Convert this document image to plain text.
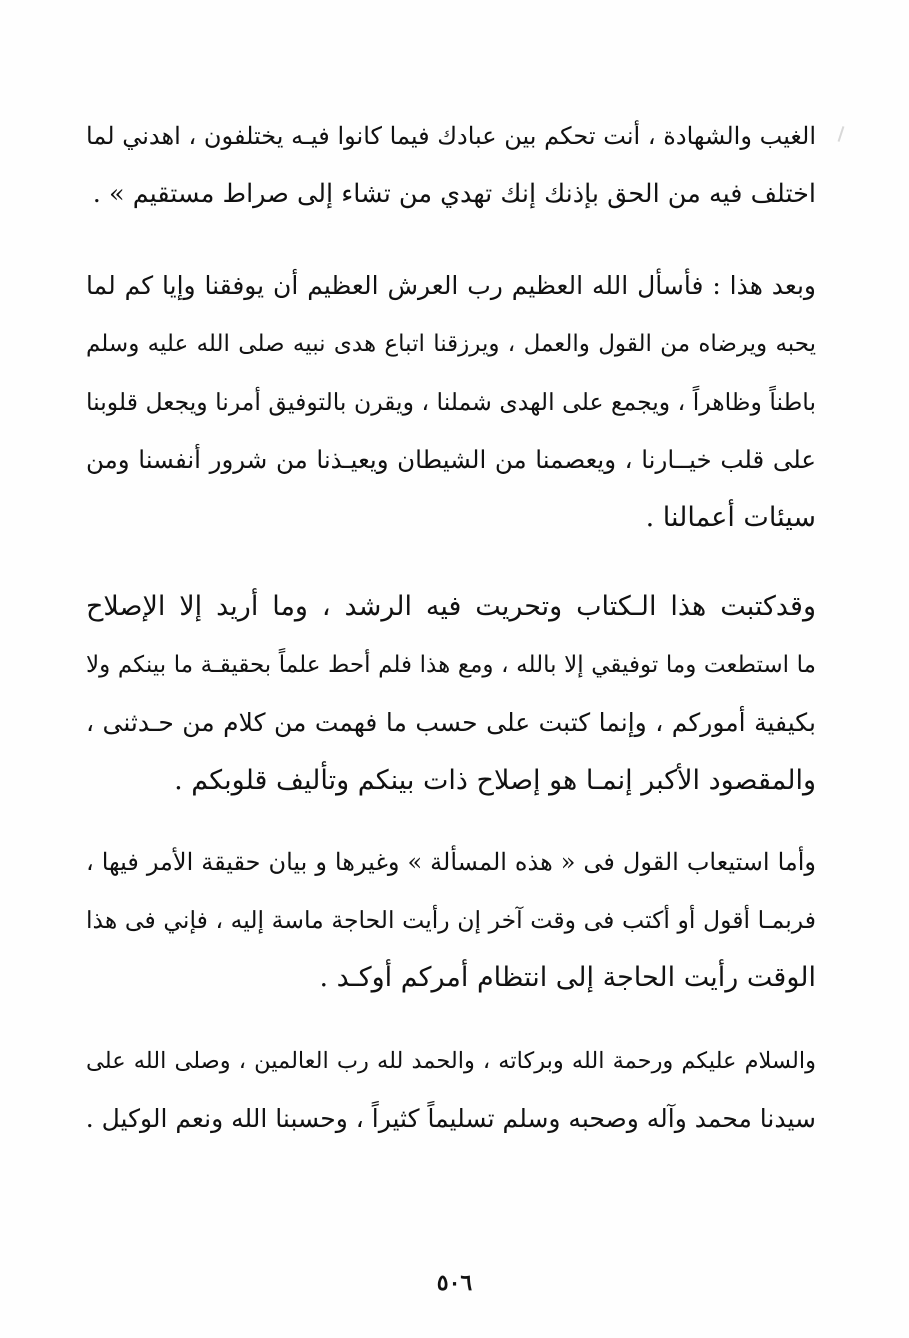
الغيب والشهادة ، أنت تحكم بين عبادك فيما كانوا فيـه يختلفون ، اهدني لما
اختلف فيه من الحق بإذنك إنك تهدي من تشاء إلى صراط مستقيم » .
وبعد هذا : فأسأل الله العظيم رب العرش العظيم أن يوفقنا وإيا كم لما
يحبه ويرضاه من القول والعمل ، ويرزقنا اتباع هدى نبيه صلى الله عليه وسلم
باطناً وظاهراً ، ويجمع على الهدى شملنا ، ويقرن بالتوفيق أمرنا ويجعل قلوبنا
على قلب خيــارنا ، ويعصمنا من الشيطان ويعيـذنا من شرور أنفسنا ومن
سيئات أعمالنا .
وقدكتبت هذا الـكتاب وتحريت فيه الرشد ، وما أريد إلا الإصلاح
ما استطعت وما توفيقي إلا بالله ، ومع هذا فلم أحط علماً بحقيقـة ما بينكم ولا
بكيفية أموركم ، وإنما كتبت على حسب ما فهمت من كلام من حـدثنى ،
والمقصود الأكبر إنمـا هو إصلاح ذات بينكم وتأليف قلوبكم .
وأما استيعاب القول فى « هذه المسألة » وغيرها و بيان حقيقة الأمر فيها ،
فربمـا أقول أو أكتب فى وقت آخر إن رأيت الحاجة ماسة إليه ، فإني فى هذا
الوقت رأيت الحاجة إلى انتظام أمركم أوكـد .
والسلام عليكم ورحمة الله وبركاته ، والحمد لله رب العالمين ، وصلى الله على
سيدنا محمد وآله وصحبه وسلم تسليماً كثيراً ، وحسبنا الله ونعم الوكيل .
٥٠٦
